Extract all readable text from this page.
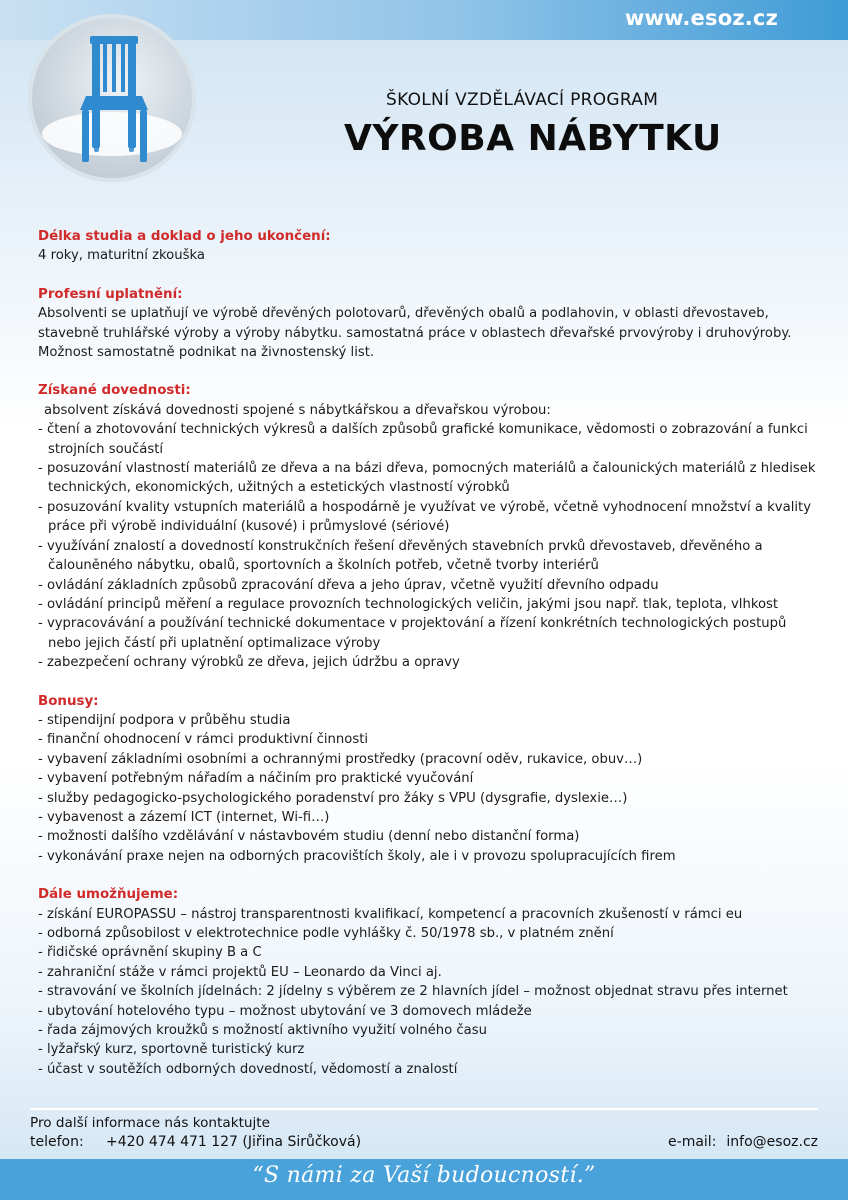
www.esoz.cz
ŠKOLNÍ VZDĚLÁVACÍ PROGRAM
VÝROBA NÁBYTKU

Délka studia a doklad o jeho ukončení:

4 roky, maturitní zkouška

Profesní uplatnění:

Absolventi se uplatňují ve výrobě dřevěných polotovarů, dřevěných obalů a podlahovin, v oblasti dřevostaveb, stavebně truhlářské výroby a výroby nábytku. samostatná práce v oblastech dřevařské prvovýroby i druhovýroby. Možnost samostatně podnikat na živnostenský list.

Získané dovednosti:

absolvent získává dovednosti spojené s nábytkářskou a dřevařskou výrobou:

- čtení a zhotovování technických výkresů a dalších způsobů grafické komunikace, vědomosti o zobrazování a funkci strojních součástí
- posuzování vlastností materiálů ze dřeva a na bázi dřeva, pomocných materiálů a čalounických materiálů z hledisek technických, ekonomických, užitných a estetických vlastností výrobků
- posuzování kvality vstupních materiálů a hospodárně je využívat ve výrobě, včetně vyhodnocení množství a kvality práce při výrobě individuální (kusové) i průmyslové (sériové)
- využívání znalostí a dovedností konstrukčních řešení dřevěných stavebních prvků dřevostaveb, dřevěného a čalouněného nábytku, obalů, sportovních a školních potřeb, včetně tvorby interiérů
- ovládání základních způsobů zpracování dřeva a jeho úprav, včetně využití dřevního odpadu
- ovládání principů měření a regulace provozních technologických veličin, jakými jsou např. tlak, teplota, vlhkost
- vypracovávání a používání technické dokumentace v projektování a řízení konkrétních technologických postupů nebo jejich částí při uplatnění optimalizace výroby
- zabezpečení ochrany výrobků ze dřeva, jejich údržbu a opravy

Bonusy:

- stipendijní podpora v průběhu studia
- finanční ohodnocení v rámci produktivní činnosti
- vybavení základními osobními a ochrannými prostředky (pracovní oděv, rukavice, obuv…)
- vybavení potřebným nářadím a náčiním pro praktické vyučování
- služby pedagogicko-psychologického poradenství pro žáky s VPU (dysgrafie, dyslexie…)
- vybavenost a zázemí ICT (internet, Wi-fi…)
- možnosti dalšího vzdělávání v nástavbovém studiu (denní nebo distanční forma)
- vykonávání praxe nejen na odborných pracovištích školy, ale i v provozu spolupracujících firem

Dále umožňujeme:

- získání EUROPASSU – nástroj transparentnosti kvalifikací, kompetencí a pracovních zkušeností v rámci eu
- odborná způsobilost v elektrotechnice podle vyhlášky č. 50/1978 sb., v platném znění
- řidičské oprávnění skupiny B a C
- zahraniční stáže v rámci projektů EU – Leonardo da Vinci aj.
- stravování ve školních jídelnách: 2 jídelny s výběrem ze 2 hlavních jídel – možnost objednat stravu přes internet
- ubytování hotelového typu – možnost ubytování ve 3 domovech mládeže
- řada zájmových kroužků s možností aktivního využití volného času
- lyžařský kurz, sportovně turistický kurz
- účast v soutěžích odborných dovedností, vědomostí a znalostí
Pro další informace nás kontaktujte
telefon: +420 474 471 127 (Jiřina Sirůčková)	e-mail: info@esoz.cz
“S námi za Vaší budoucností.”
